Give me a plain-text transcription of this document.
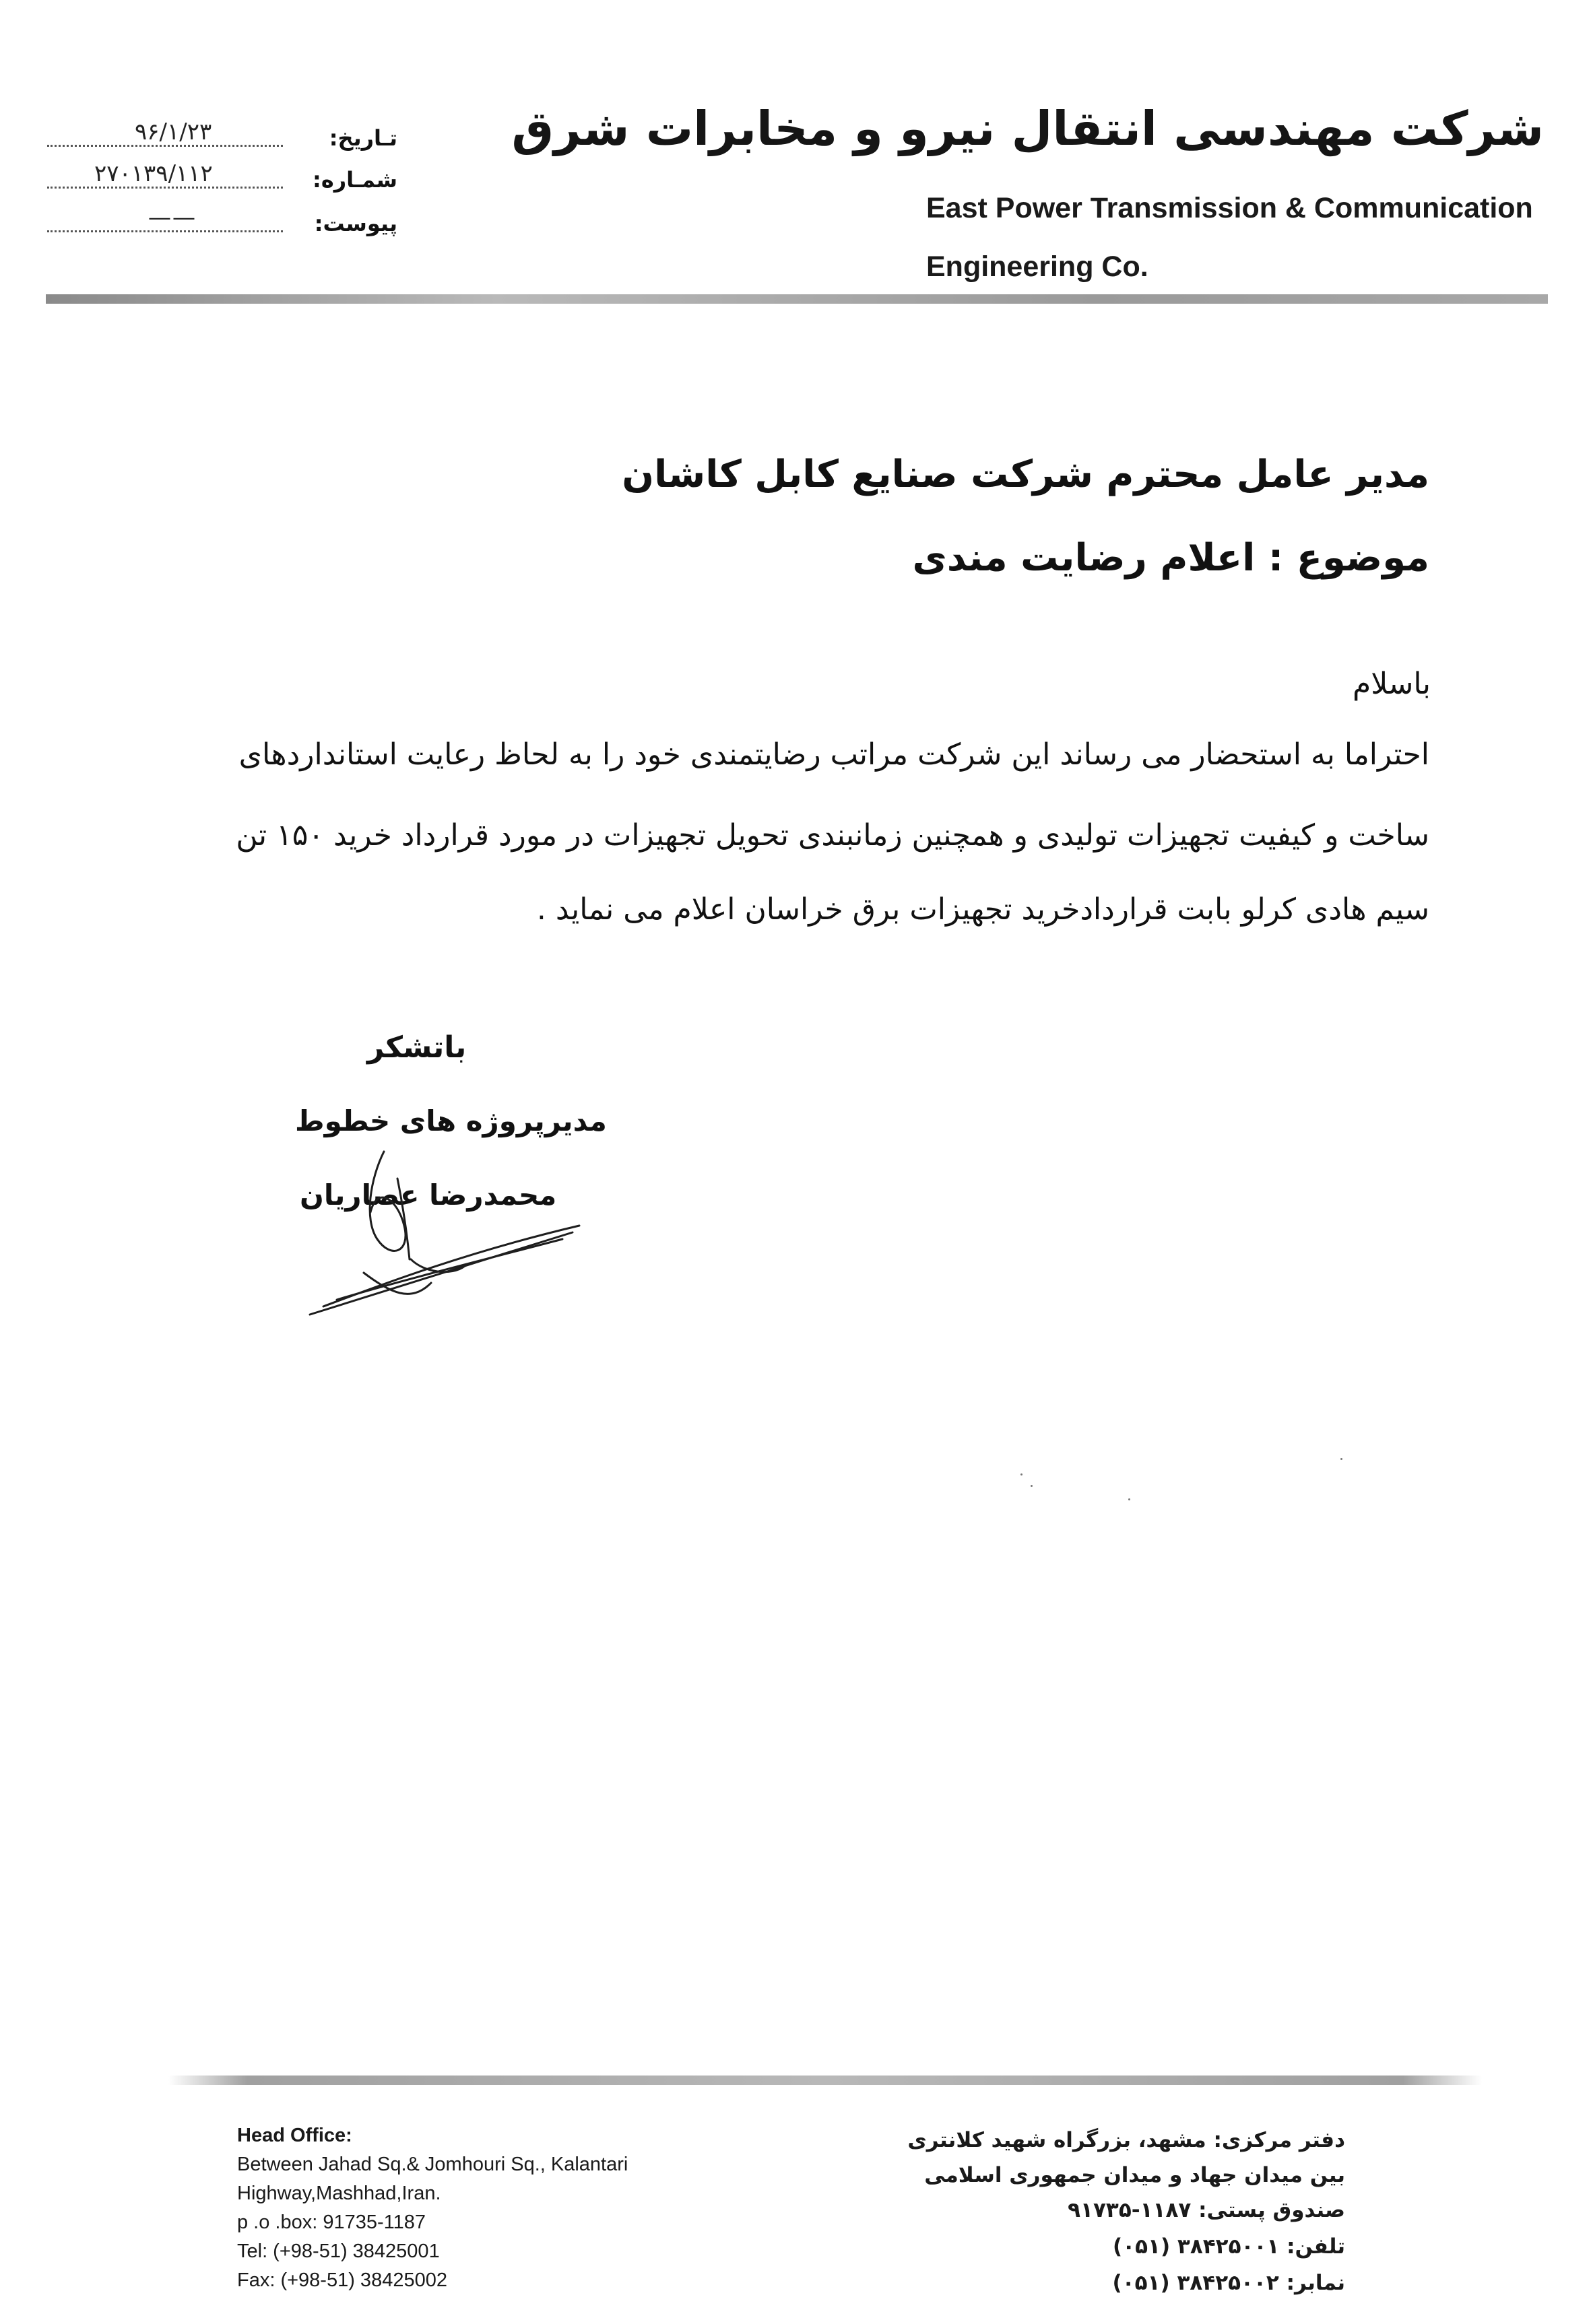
شرکت مهندسی انتقال نیرو و مخابرات شرق
East Power Transmission & Communication
Engineering Co.
۹۶/۱/۲۳	تـاریخ:
۲۷۰۱۳۹/۱۱۲	شمـاره:
——	پیوست:
مدیر عامل محترم شرکت صنایع کابل کاشان
موضوع : اعلام رضایت مندی
باسلام
احتراما به استحضار می رساند این شرکت مراتب رضایتمندی خود را به لحاظ رعایت استانداردهای
ساخت و کیفیت تجهیزات تولیدی و همچنین زمانبندی تحویل تجهیزات در مورد قرارداد خرید ۱۵۰ تن
سیم هادی کرلو بابت قراردادخرید تجهیزات برق خراسان اعلام می نماید .
باتشکر
مدیرپروژه های خطوط
محمدرضا عصاریان
Head Office:
Between Jahad Sq.& Jomhouri Sq., Kalantari
Highway,Mashhad,Iran.
p .o .box: 91735-1187
Tel: (+98-51) 38425001
Fax: (+98-51) 38425002
دفتر مرکزی: مشهد، بزرگراه شهید کلانتری
بین میدان جهاد و میدان جمهوری اسلامی
صندوق پستی: ۱۱۸۷-۹۱۷۳۵
تلفن: ۳۸۴۲۵۰۰۱ (۰۵۱)
نمابر: ۳۸۴۲۵۰۰۲ (۰۵۱)
